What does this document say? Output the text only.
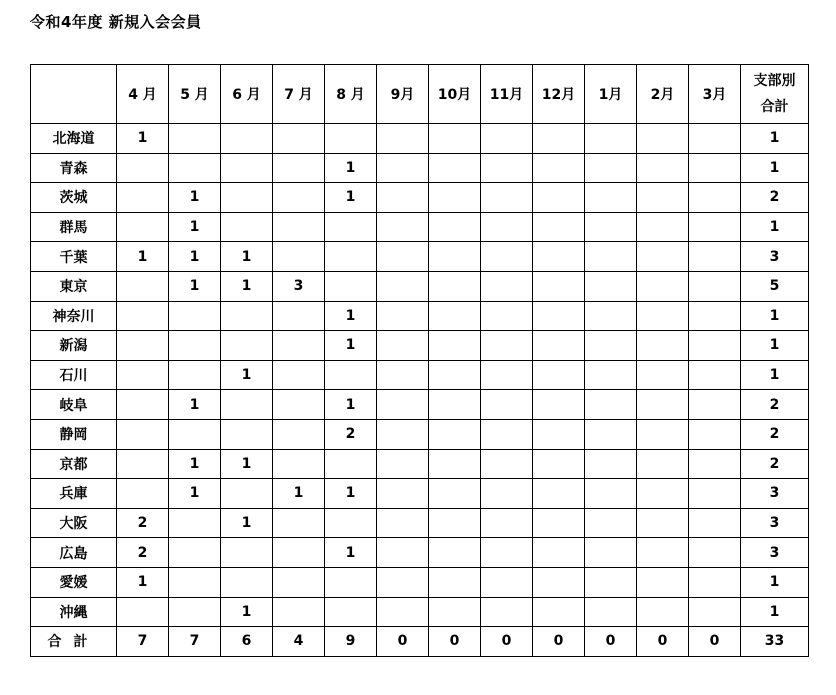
令和4年度 新規入会会員
	4 月	5 月	6 月	7 月	8 月	9月	10月	11月	12月	1月	2月	3月	支部別
合計
北海道	1												1
青森					1								1
茨城		1			1								2
群馬		1											1
千葉	1	1	1										3
東京		1	1	3									5
神奈川					1								1
新潟					1								1
石川			1										1
岐阜		1			1								2
静岡					2								2
京都		1	1										2
兵庫		1		1	1								3
大阪	2		1										3
広島	2				1								3
愛媛	1												1
沖縄			1										1
合計	7	7	6	4	9	0	0	0	0	0	0	0	33
